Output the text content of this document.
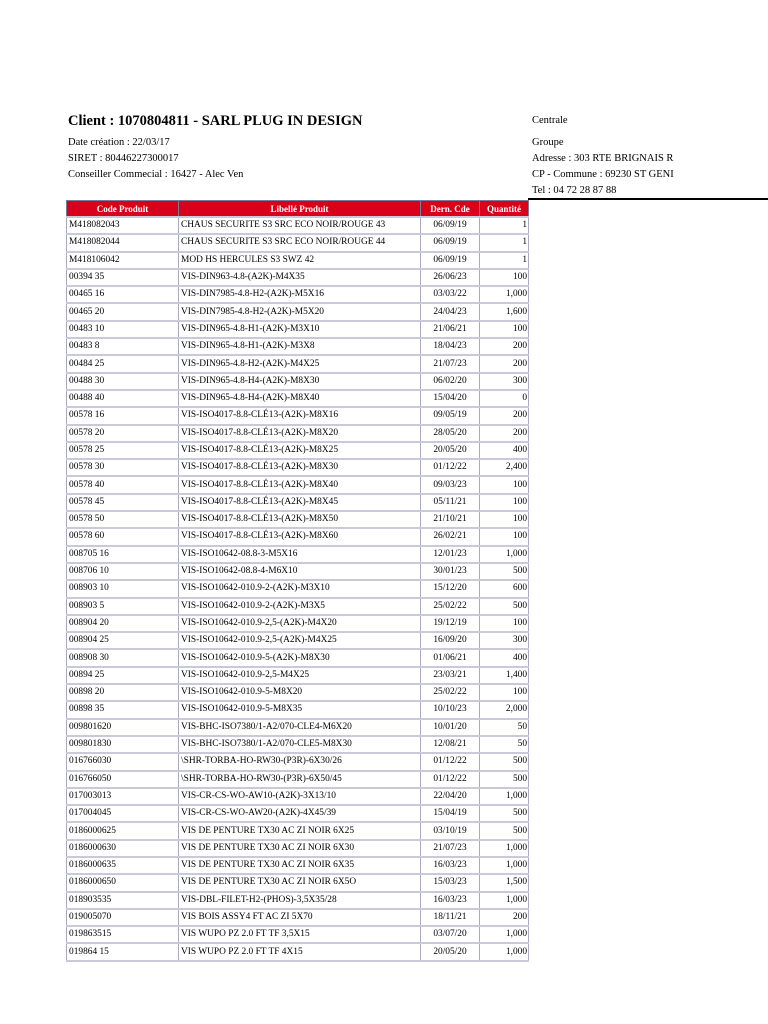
Client : 1070804811 - SARL PLUG IN DESIGN
Date création : 22/03/17
SIRET : 80446227300017
Conseiller Commecial : 16427 - Alec Ven
Centrale
Groupe
Adresse : 303 RTE BRIGNAIS R
CP - Commune : 69230 ST GENI
Tel : 04 72 28 87 88
Code Produit	Libellé Produit	Dern. Cde	Quantité
M418082043	CHAUS SECURITE S3 SRC ECO NOIR/ROUGE 43	06/09/19	1
M418082044	CHAUS SECURITE S3 SRC ECO NOIR/ROUGE 44	06/09/19	1
M418106042	MOD HS HERCULES S3 SWZ 42	06/09/19	1
00394 35	VIS-DIN963-4.8-(A2K)-M4X35	26/06/23	100
00465 16	VIS-DIN7985-4.8-H2-(A2K)-M5X16	03/03/22	1,000
00465 20	VIS-DIN7985-4.8-H2-(A2K)-M5X20	24/04/23	1,600
00483 10	VIS-DIN965-4.8-H1-(A2K)-M3X10	21/06/21	100
00483 8	VIS-DIN965-4.8-H1-(A2K)-M3X8	18/04/23	200
00484 25	VIS-DIN965-4.8-H2-(A2K)-M4X25	21/07/23	200
00488 30	VIS-DIN965-4.8-H4-(A2K)-M8X30	06/02/20	300
00488 40	VIS-DIN965-4.8-H4-(A2K)-M8X40	15/04/20	0
00578 16	VIS-ISO4017-8.8-CLÉ13-(A2K)-M8X16	09/05/19	200
00578 20	VIS-ISO4017-8.8-CLÉ13-(A2K)-M8X20	28/05/20	200
00578 25	VIS-ISO4017-8.8-CLÉ13-(A2K)-M8X25	20/05/20	400
00578 30	VIS-ISO4017-8.8-CLÉ13-(A2K)-M8X30	01/12/22	2,400
00578 40	VIS-ISO4017-8.8-CLÉ13-(A2K)-M8X40	09/03/23	100
00578 45	VIS-ISO4017-8.8-CLÉ13-(A2K)-M8X45	05/11/21	100
00578 50	VIS-ISO4017-8.8-CLÉ13-(A2K)-M8X50	21/10/21	100
00578 60	VIS-ISO4017-8.8-CLÉ13-(A2K)-M8X60	26/02/21	100
008705 16	VIS-ISO10642-08.8-3-M5X16	12/01/23	1,000
008706 10	VIS-ISO10642-08.8-4-M6X10	30/01/23	500
008903 10	VIS-ISO10642-010.9-2-(A2K)-M3X10	15/12/20	600
008903 5	VIS-ISO10642-010.9-2-(A2K)-M3X5	25/02/22	500
008904 20	VIS-ISO10642-010.9-2,5-(A2K)-M4X20	19/12/19	100
008904 25	VIS-ISO10642-010.9-2,5-(A2K)-M4X25	16/09/20	300
008908 30	VIS-ISO10642-010.9-5-(A2K)-M8X30	01/06/21	400
00894 25	VIS-ISO10642-010.9-2,5-M4X25	23/03/21	1,400
00898 20	VIS-ISO10642-010.9-5-M8X20	25/02/22	100
00898 35	VIS-ISO10642-010.9-5-M8X35	10/10/23	2,000
009801620	VIS-BHC-ISO7380/1-A2/070-CLE4-M6X20	10/01/20	50
009801830	VIS-BHC-ISO7380/1-A2/070-CLE5-M8X30	12/08/21	50
016766030	\SHR-TORBA-HO-RW30-(P3R)-6X30/26	01/12/22	500
016766050	\SHR-TORBA-HO-RW30-(P3R)-6X50/45	01/12/22	500
017003013	VIS-CR-CS-WO-AW10-(A2K)-3X13/10	22/04/20	1,000
017004045	VIS-CR-CS-WO-AW20-(A2K)-4X45/39	15/04/19	500
0186000625	VIS DE PENTURE TX30 AC ZI NOIR 6X25	03/10/19	500
0186000630	VIS DE PENTURE TX30 AC ZI NOIR 6X30	21/07/23	1,000
0186000635	VIS DE PENTURE TX30 AC ZI NOIR 6X35	16/03/23	1,000
0186000650	VIS DE PENTURE TX30 AC ZI NOIR 6X5O	15/03/23	1,500
018903535	VIS-DBL-FILET-H2-(PHOS)-3,5X35/28	16/03/23	1,000
019005070	VIS BOIS ASSY4 FT AC ZI 5X70	18/11/21	200
019863515	VIS WUPO PZ 2.0 FT TF 3,5X15	03/07/20	1,000
019864 15	VIS WUPO PZ 2.0 FT TF 4X15	20/05/20	1,000
